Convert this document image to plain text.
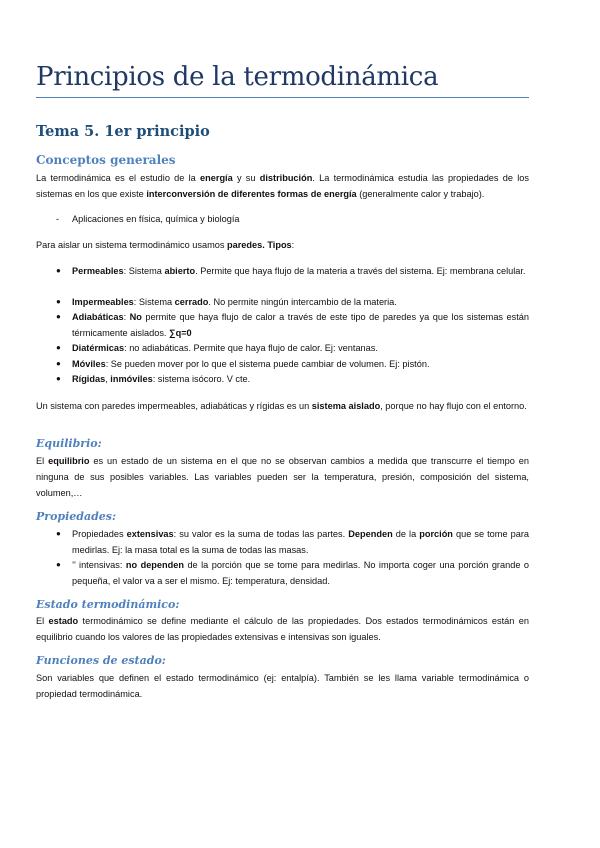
Principios de la termodinámica
Tema 5. 1er principio
Conceptos generales
La termodinámica es el estudio de la energía y su distribución. La termodinámica estudia las propiedades de los sistemas en los que existe interconversión de diferentes formas de energía (generalmente calor y trabajo).
- Aplicaciones en física, química y biología
Para aislar un sistema termodinámico usamos paredes. Tipos:
● Permeables: Sistema abierto. Permite que haya flujo de la materia a través del sistema. Ej: membrana celular.
● Impermeables: Sistema cerrado. No permite ningún intercambio de la materia.
● Adiabáticas: No permite que haya flujo de calor a través de este tipo de paredes ya que los sistemas están térmicamente aislados. ∑q=0
● Diatérmicas: no adiabáticas. Permite que haya flujo de calor. Ej: ventanas.
● Móviles: Se pueden mover por lo que el sistema puede cambiar de volumen. Ej: pistón.
● Rígidas, inmóviles: sistema isócoro. V cte.
Un sistema con paredes impermeables, adiabáticas y rígidas es un sistema aislado, porque no hay flujo con el entorno.
Equilibrio:
El equilibrio es un estado de un sistema en el que no se observan cambios a medida que transcurre el tiempo en ninguna de sus posibles variables. Las variables pueden ser la temperatura, presión, composición del sistema, volumen,…
Propiedades:
● Propiedades extensivas: su valor es la suma de todas las partes. Dependen de la porción que se tome para medirlas. Ej: la masa total es la suma de todas las masas.
● ’’ intensivas: no dependen de la porción que se tome para medirlas. No importa coger una porción grande o pequeña, el valor va a ser el mismo. Ej: temperatura, densidad.
Estado termodinámico:
El estado termodinámico se define mediante el cálculo de las propiedades. Dos estados termodinámicos están en equilibrio cuando los valores de las propiedades extensivas e intensivas son iguales.
Funciones de estado:
Son variables que definen el estado termodinámico (ej: entalpía). También se les llama variable termodinámica o propiedad termodinámica.
